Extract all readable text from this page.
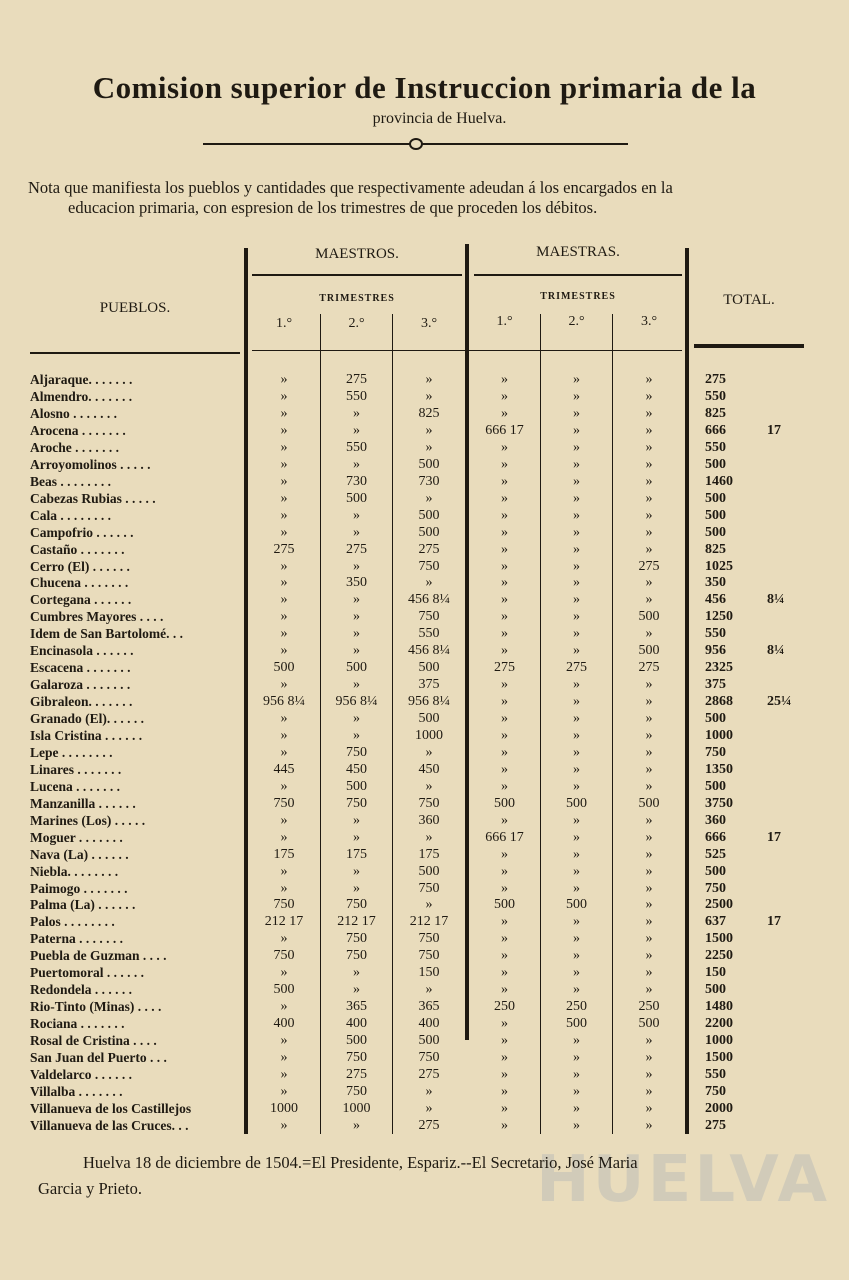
Comision superior de Instruccion primaria de la
provincia de Huelva.
Nota que manifiesta los pueblos y cantidades que respectivamente adeudan á los encargados en la
educacion primaria, con espresion de los trimestres de que proceden los débitos.
PUEBLOS.
MAESTROS.	MAESTRAS.
TRIMESTRES	TRIMESTRES	TOTAL.
1.°	2.°	3.°	1.°	2.°	3.°
Aljaraque. . . . . . .	»	275	»	»	»	»	275
Almendro. . . . . . .	»	550	»	»	»	»	550
Alosno . . . . . . .	»	»	825	»	»	»	825
Arocena . . . . . . .	»	»	»	666 17	»	»	666	17
Aroche . . . . . . .	»	550	»	»	»	»	550
Arroyomolinos . . . . .	»	»	500	»	»	»	500
Beas . . . . . . . .	»	730	730	»	»	»	1460
Cabezas Rubias . . . . .	»	500	»	»	»	»	500
Cala . . . . . . . .	»	»	500	»	»	»	500
Campofrio . . . . . .	»	»	500	»	»	»	500
Castaño . . . . . . .	275	275	275	»	»	»	825
Cerro (El) . . . . . .	»	»	750	»	»	275	1025
Chucena . . . . . . .	»	350	»	»	»	»	350
Cortegana . . . . . .	»	»	456 8¼	»	»	»	456	8¼
Cumbres Mayores . . . .	»	»	750	»	»	500	1250
Idem de San Bartolomé. . .	»	»	550	»	»	»	550
Encinasola . . . . . .	»	»	456 8¼	»	»	500	956	8¼
Escacena . . . . . . .	500	500	500	275	275	275	2325
Galaroza . . . . . . .	»	»	375	»	»	»	375
Gibraleon. . . . . . .	956 8¼	956 8¼	956 8¼	»	»	»	2868 25¼
Granado (El). . . . . .	»	»	500	»	»	»	500
Isla Cristina . . . . . .	»	»	1000	»	»	»	1000
Lepe . . . . . . . .	»	750	»	»	»	»	750
Linares . . . . . . .	445	450	450	»	»	»	1350
Lucena . . . . . . .	»	500	»	»	»	»	500
Manzanilla . . . . . .	750	750	750	500	500	500	3750
Marines (Los) . . . . .	»	»	360	»	»	»	360
Moguer . . . . . . .	»	»	»	666 17	»	»	666	17
Nava (La) . . . . . .	175	175	175	»	»	»	525
Niebla. . . . . . . .	»	»	500	»	»	»	500
Paimogo . . . . . . .	»	»	750	»	»	»	750
Palma (La) . . . . . .	750	750	»	500	500	»	2500
Palos . . . . . . . .	212 17	212 17	212 17	»	»	»	637	17
Paterna . . . . . . .	»	750	750	»	»	»	1500
Puebla de Guzman . . . .	750	750	750	»	»	»	2250
Puertomoral . . . . . .	»	»	150	»	»	»	150
Redondela . . . . . .	500	»	»	»	»	»	500
Rio-Tinto (Minas) . . . .	»	365	365	250	250	250	1480
Rociana . . . . . . .	400	400	400	»	500	500	2200
Rosal de Cristina . . . .	»	500	500	»	»	»	1000
San Juan del Puerto . . .	»	750	750	»	»	»	1500
Valdelarco . . . . . .	»	275	275	»	»	»	550
Villalba . . . . . . .	»	750	»	»	»	»	750
Villanueva de los Castillejos	1000	1000	»	»	»	»	2000
Villanueva de las Cruces. . .	»	»	275	»	»	»	275
HUELVA
Huelva 18 de diciembre de 1504.=El Presidente, Espariz.--El Secretario, José Maria
Garcia y Prieto.
